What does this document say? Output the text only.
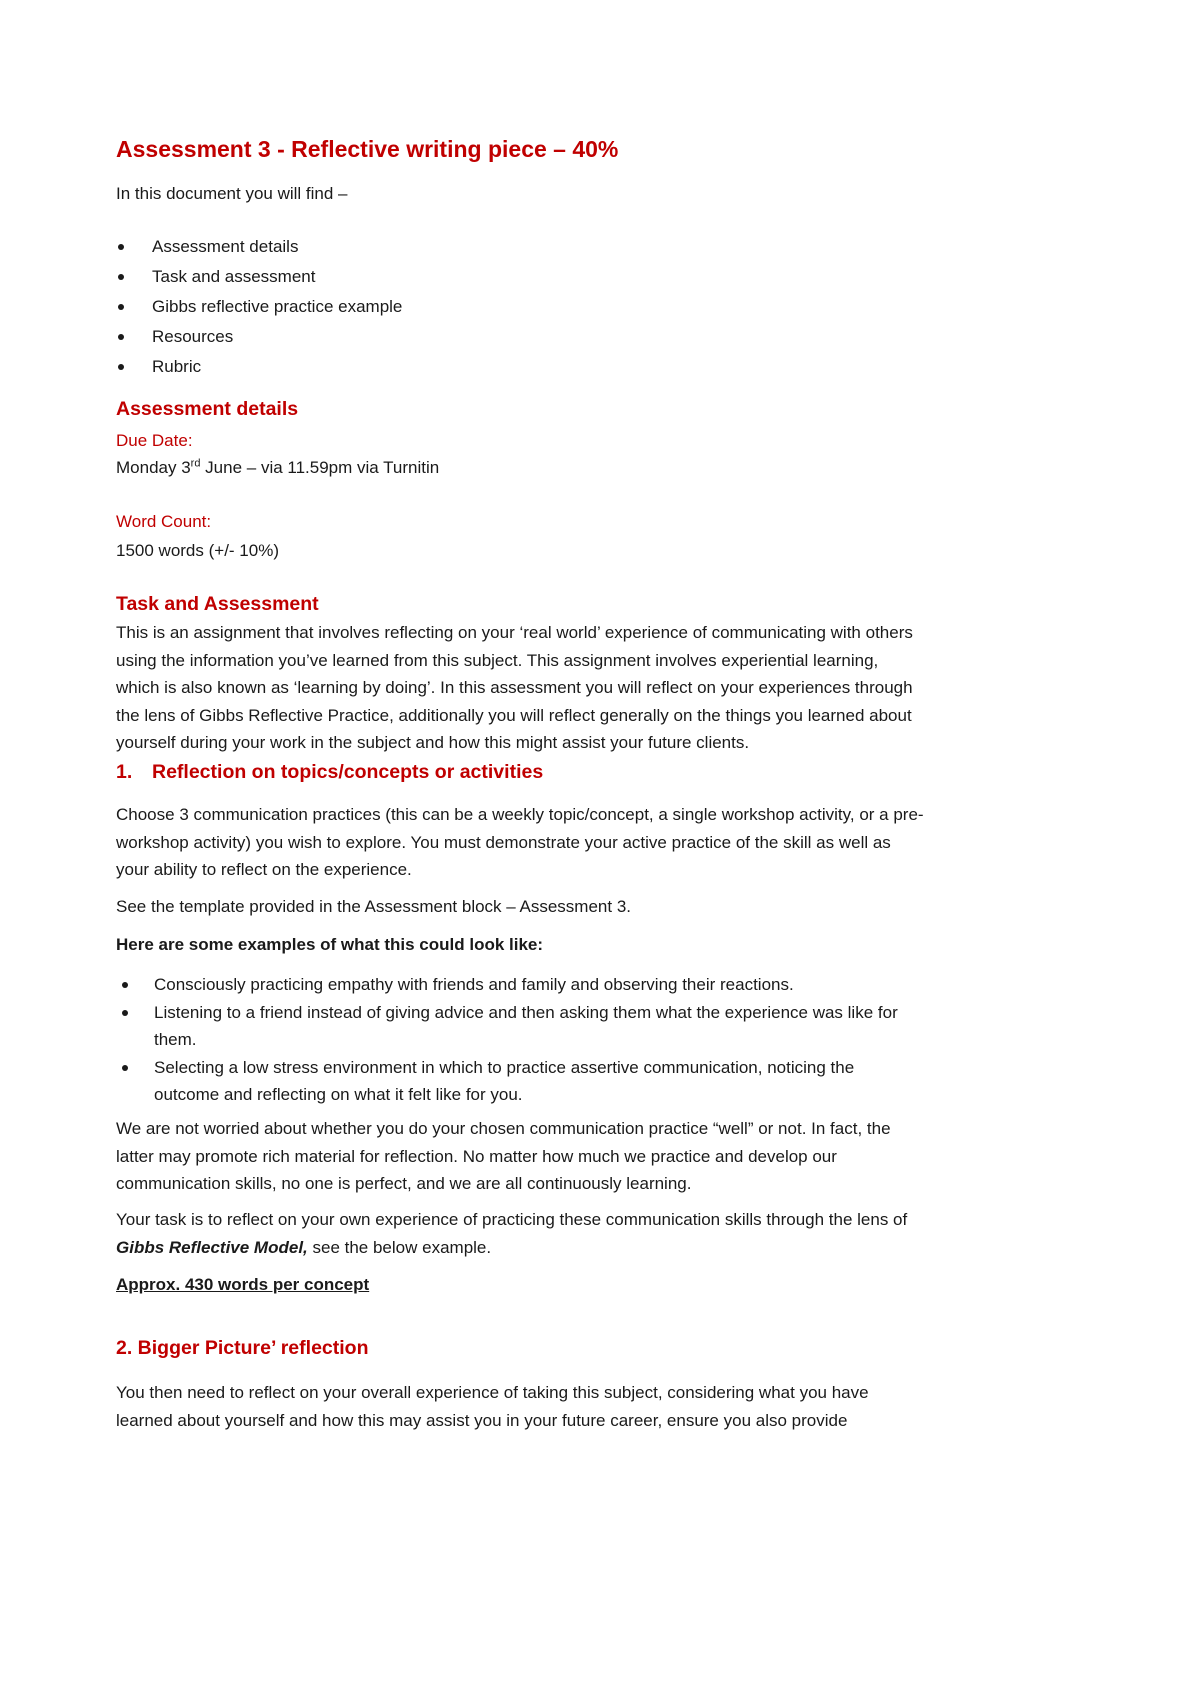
Assessment 3 - Reflective writing piece – 40%

In this document you will find –

Assessment details
Task and assessment
Gibbs reflective practice example
Resources
Rubric
Assessment details

Due Date:

Monday 3rd June – via 11.59pm via Turnitin

Word Count:

1500 words (+/- 10%)

Task and Assessment
This is an assignment that involves reflecting on your ‘real world’ experience of communicating with others
using the information you’ve learned from this subject. This assignment involves experiential learning,
which is also known as ‘learning by doing’. In this assessment you will reflect on your experiences through
the lens of Gibbs Reflective Practice, additionally you will reflect generally on the things you learned about
yourself during your work in the subject and how this might assist your future clients.
1. Reflection on topics/concepts or activities
Choose 3 communication practices (this can be a weekly topic/concept, a single workshop activity, or a pre-
workshop activity) you wish to explore. You must demonstrate your active practice of the skill as well as
your ability to reflect on the experience.

See the template provided in the Assessment block – Assessment 3.

Here are some examples of what this could look like:

Consciously practicing empathy with friends and family and observing their reactions.
Listening to a friend instead of giving advice and then asking them what the experience was like for
them.
Selecting a low stress environment in which to practice assertive communication, noticing the
outcome and reflecting on what it felt like for you.
We are not worried about whether you do your chosen communication practice “well” or not. In fact, the
latter may promote rich material for reflection. No matter how much we practice and develop our
communication skills, no one is perfect, and we are all continuously learning.
Your task is to reflect on your own experience of practicing these communication skills through the lens of
Gibbs Reflective Model, see the below example.

Approx. 430 words per concept

2. Bigger Picture’ reflection
You then need to reflect on your overall experience of taking this subject, considering what you have
learned about yourself and how this may assist you in your future career, ensure you also provide
